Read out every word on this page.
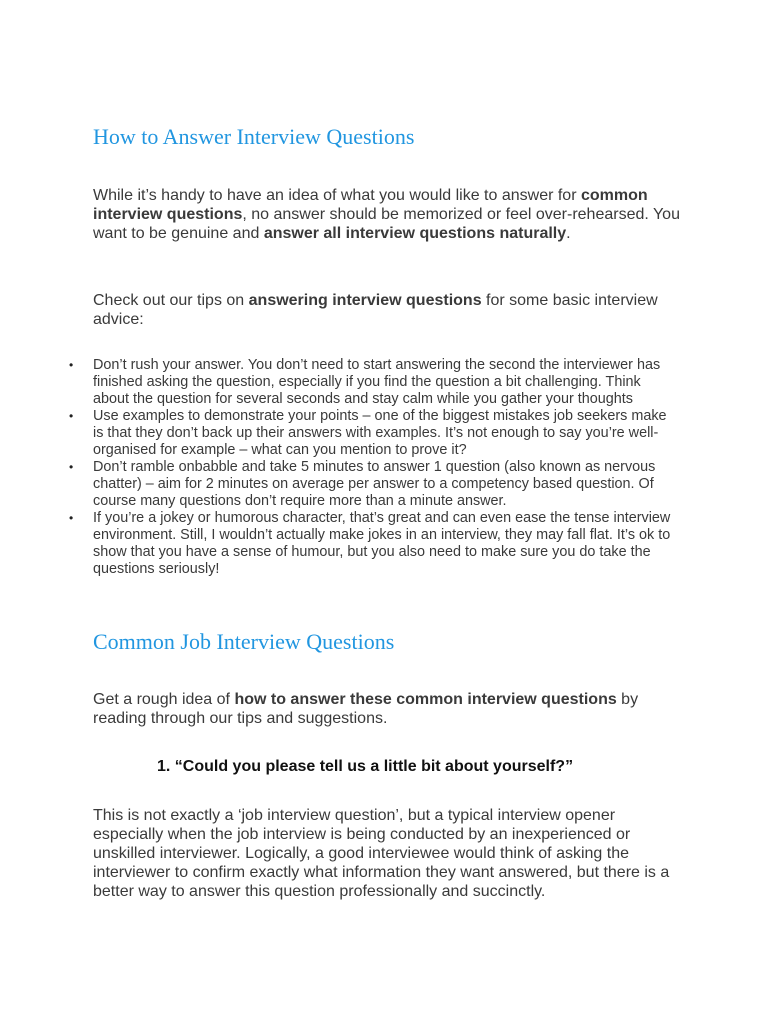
How to Answer Interview Questions

While it’s handy to have an idea of what you would like to answer for common interview questions, no answer should be memorized or feel over-rehearsed. You want to be genuine and answer all interview questions naturally.

Check out our tips on answering interview questions for some basic interview advice:

• Don’t rush your answer. You don’t need to start answering the second the interviewer has finished asking the question, especially if you find the question a bit challenging. Think about the question for several seconds and stay calm while you gather your thoughts
• Use examples to demonstrate your points – one of the biggest mistakes job seekers make is that they don’t back up their answers with examples. It’s not enough to say you’re well-organised for example – what can you mention to prove it?
• Don’t ramble onbabble and take 5 minutes to answer 1 question (also known as nervous chatter) – aim for 2 minutes on average per answer to a competency based question. Of course many questions don’t require more than a minute answer.
• If you’re a jokey or humorous character, that’s great and can even ease the tense interview environment. Still, I wouldn’t actually make jokes in an interview, they may fall flat. It’s ok to show that you have a sense of humour, but you also need to make sure you do take the questions seriously!
Common Job Interview Questions

Get a rough idea of how to answer these common interview questions by reading through our tips and suggestions.

1. “Could you please tell us a little bit about yourself?”

This is not exactly a ‘job interview question’, but a typical interview opener especially when the job interview is being conducted by an inexperienced or unskilled interviewer. Logically, a good interviewee would think of asking the interviewer to confirm exactly what information they want answered, but there is a better way to answer this question professionally and succinctly.
